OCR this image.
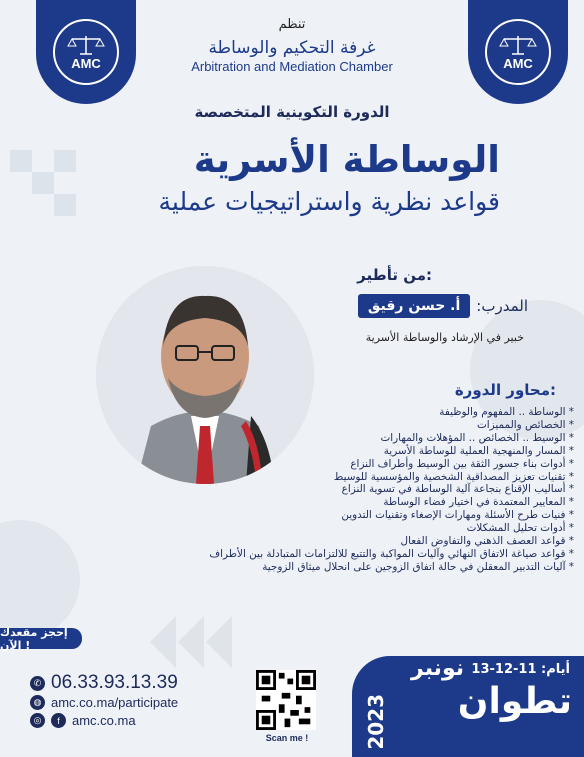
AMC	AMC
تنظم
غرفة التحكيم والوساطة
Arbitration and Mediation Chamber
الدورة التكوينية المتخصصة
الوساطة الأسرية
قواعد نظرية واستراتيجيات عملية
من تأطير:
المدرب:
أ. حسن رقيق
خبير في الإرشاد والوساطة الأسرية
محاور الدورة:
* الوساطة .. المفهوم والوظيفة
* الخصائص والمميزات
* الوسيط .. الخصائص .. المؤهلات والمهارات
* المسار والمنهجية العملية للوساطة الأسرية
* أدوات بناء جسور الثقة بين الوسيط وأطراف النزاع
* تقنيات تعزيز المصداقية الشخصية والمؤسسية للوسيط
* أساليب الإقناع بنجاعة آلية الوساطة في تسوية النزاع
* المعايير المعتمدة في اختيار فضاء الوساطة
* فنيات طرح الأسئلة ومهارات الإصغاء وتقنيات التدوين
* أدوات تحليل المشكلات
* قواعد العصف الذهني والتفاوض الفعال
* قواعد صياغة الاتفاق النهائي وآليات المواكبة والتتبع للالتزامات المتبادلة بين الأطراف
* آليات التدبير المعقلن في حالة اتفاق الزوجين على انحلال ميثاق الزوجية
إحجز مقعدك الآن !
✆ 06.33.93.13.39
◍ amc.co.ma/participate
◎	f amc.co.ma
Scan me !
أيام: 11-12-13
نونبر
تطوان
2023
